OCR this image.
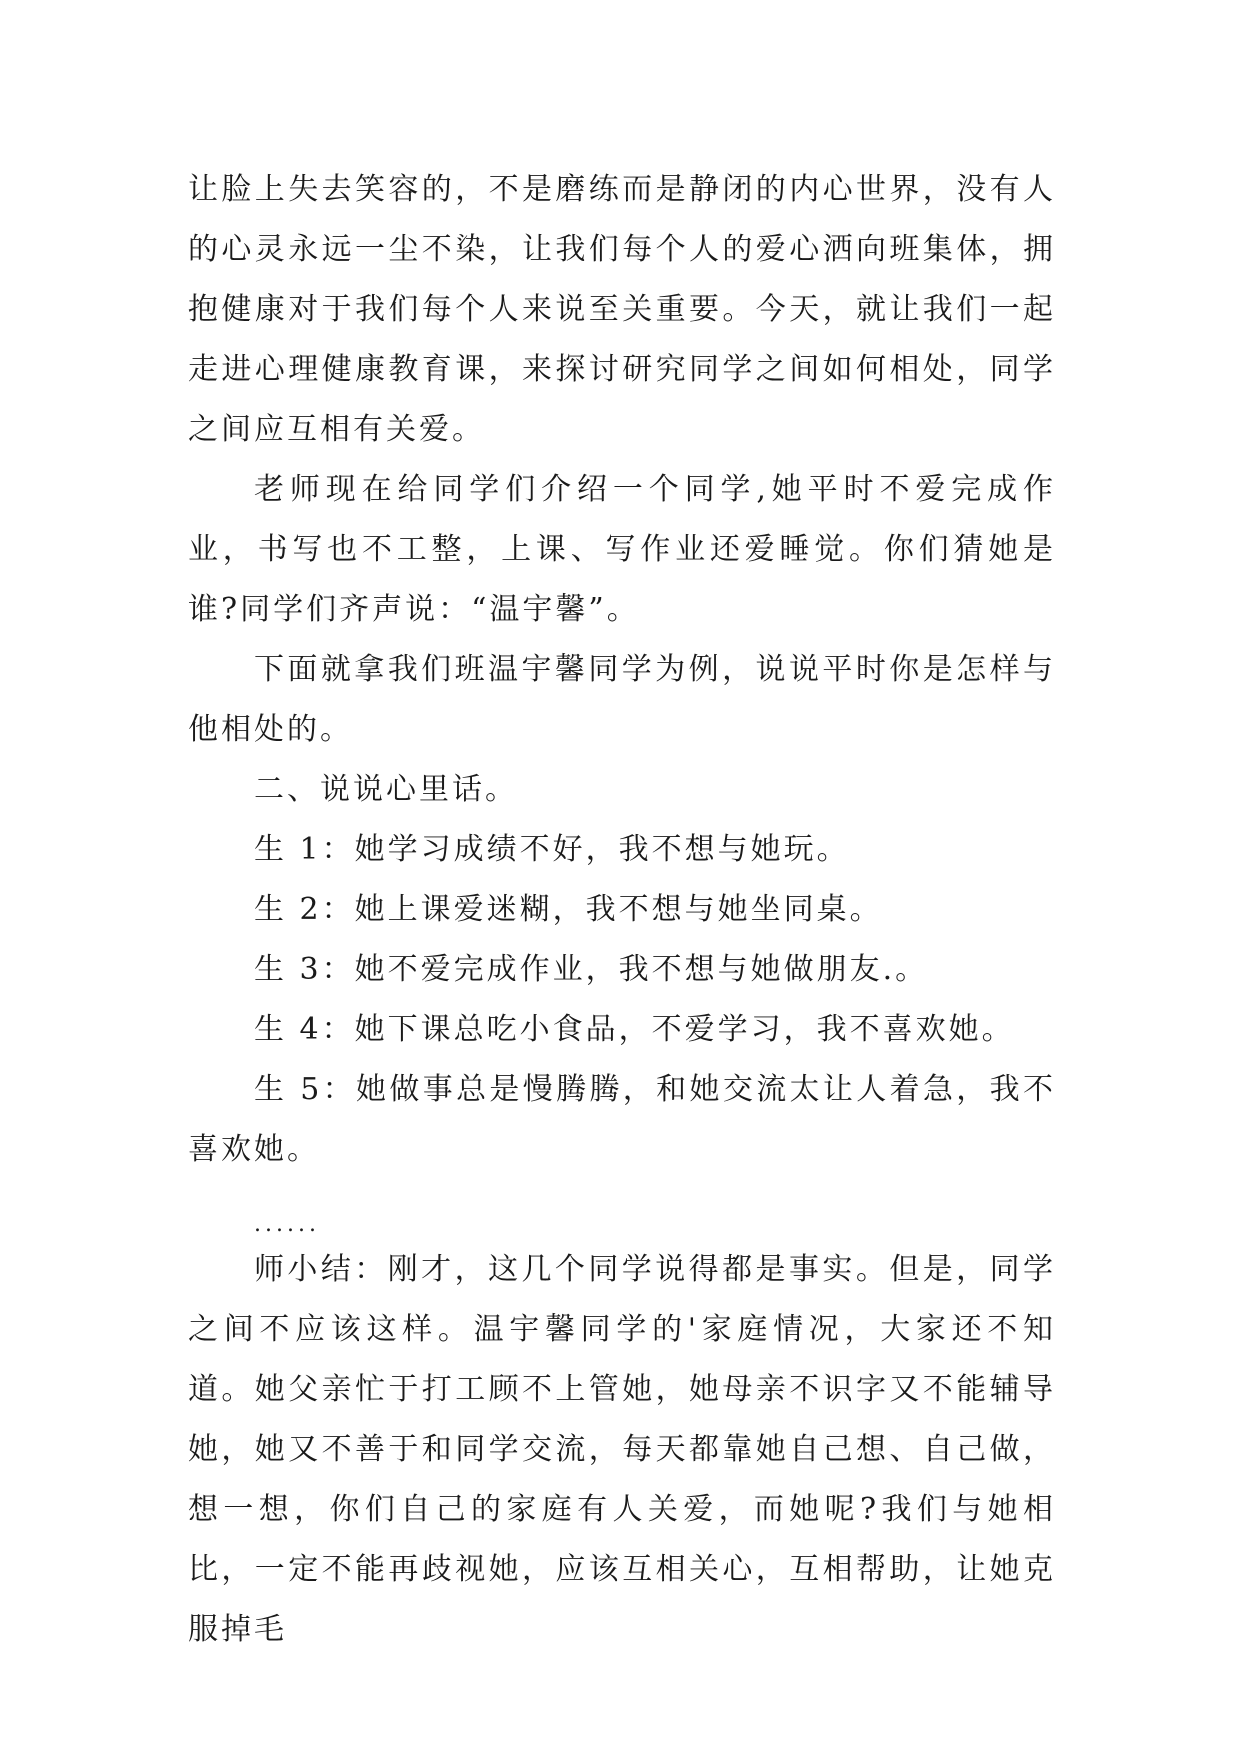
让脸上失去笑容的，不是磨练而是静闭的内心世界，没有人的心灵永远一尘不染，让我们每个人的爱心洒向班集体，拥抱健康对于我们每个人来说至关重要。今天，就让我们一起走进心理健康教育课，来探讨研究同学之间如何相处，同学之间应互相有关爱。

老师现在给同学们介绍一个同学,她平时不爱完成作业，书写也不工整，上课、写作业还爱睡觉。你们猜她是谁?同学们齐声说：“温宇馨”。

下面就拿我们班温宇馨同学为例，说说平时你是怎样与他相处的。

二、说说心里话。

生 1：她学习成绩不好，我不想与她玩。

生 2：她上课爱迷糊，我不想与她坐同桌。

生 3：她不爱完成作业，我不想与她做朋友.。

生 4：她下课总吃小食品，不爱学习，我不喜欢她。

生 5：她做事总是慢腾腾，和她交流太让人着急，我不喜欢她。

......

师小结：刚才，这几个同学说得都是事实。但是，同学之间不应该这样。温宇馨同学的'家庭情况，大家还不知道。她父亲忙于打工顾不上管她，她母亲不识字又不能辅导她，她又不善于和同学交流，每天都靠她自己想、自己做，想一想，你们自己的家庭有人关爱，而她呢?我们与她相比，一定不能再歧视她，应该互相关心，互相帮助，让她克服掉毛
